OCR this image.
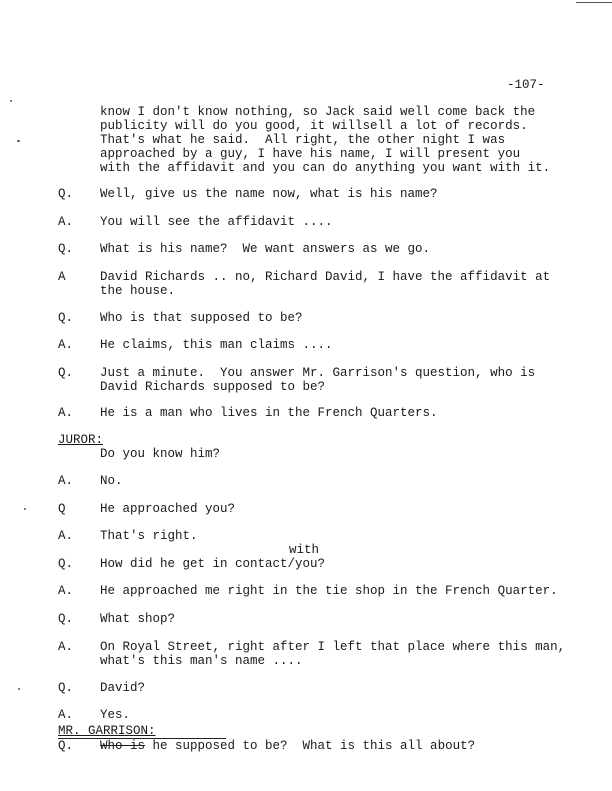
-107-
know I don't know nothing, so Jack said well come back the
publicity will do you good, it willsell a lot of records.
That's what he said.  All right, the other night I was
approached by a guy, I have his name, I will present you
with the affidavit and you can do anything you want with it.
Q. Well, give us the name now, what is his name?
A. You will see the affidavit ....
Q. What is his name?  We want answers as we go.
A	David Richards .. no, Richard David, I have the affidavit at
the house.
Q. Who is that supposed to be?
A. He claims, this man claims ....
Q. Just a minute.  You answer Mr. Garrison's question, who is
David Richards supposed to be?
A. He is a man who lives in the French Quarters.
JUROR:
Do you know him?
A. No.
Q	He approached you?
A. That's right.
with
Q. How did he get in contact/you?
A. He approached me right in the tie shop in the French Quarter.
Q. What shop?
A. On Royal Street, right after I left that place where this man,
what's this man's name ....
Q. David?
A. Yes.
MR. GARRISON:
Q. Who is he supposed to be?  What is this all about?
